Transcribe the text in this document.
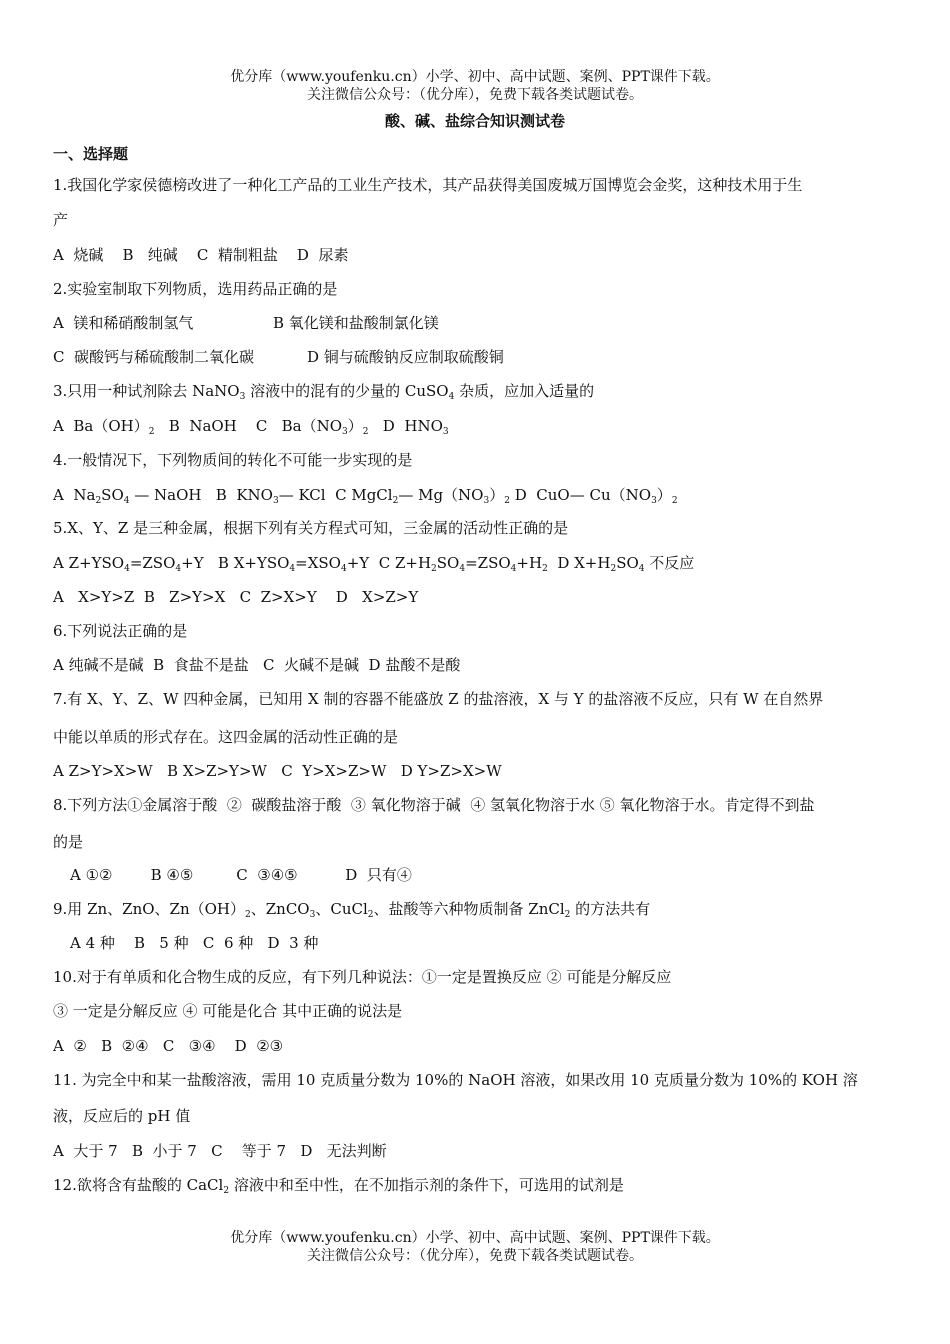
优分库（www.youfenku.cn）小学、初中、高中试题、案例、PPT课件下载。
关注微信公众号：（优分库），免费下载各类试题试卷。
酸、碱、盐综合知识测试卷
一、选择题
1.我国化学家侯德榜改进了一种化工产品的工业生产技术，其产品获得美国废城万国博览会金奖，这种技术用于生
产
A  烧碱    B   纯碱    C  精制粗盐    D  尿素
2.实验室制取下列物质，选用药品正确的是
A  镁和稀硝酸制氢气	B 氧化镁和盐酸制氯化镁
C  碳酸钙与稀硫酸制二氧化碳	D 铜与硫酸钠反应制取硫酸铜
3.只用一种试剂除去 NaNO$_3$ 溶液中的混有的少量的 CuSO$_4$ 杂质，应加入适量的
A  $Ba(OH)_2$   B  NaOH    C   $Ba(NO_3)_2$   D  $HNO_3$
4.一般情况下，下列物质间的转化不可能一步实现的是
A  $Na_2SO_4$ — NaOH   B  $KNO_3—$ KCl  C MgCl$_2$— $Mg(NO_3)_2$ D  CuO— $Cu(NO_3)_2$
5.X、Y、Z 是三种金属，根据下列有关方程式可知，三金属的活动性正确的是
A $Z+YSO_4=ZSO_4+Y$   B $X+YSO_4=XSO_4+Y$  C $Z+H_2SO_4=ZSO_4+H_2$  D $X+H_2SO_4$ 不反应
A   X>Y>Z  B   Z>Y>X   C  Z>X>Y    D   X>Z>Y
6.下列说法正确的是
A 纯碱不是碱  B  食盐不是盐   C  火碱不是碱  D 盐酸不是酸
7.有 X、Y、Z、W 四种金属，已知用 X 制的容器不能盛放 Z 的盐溶液，X 与 Y 的盐溶液不反应，只有 W 在自然界
中能以单质的形式存在。这四金属的活动性正确的是
A Z>Y>X>W   B X>Z>Y>W   C  Y>X>Z>W   D Y>Z>X>W
8.下列方法①金属溶于酸  ②  碳酸盐溶于酸  ③ 氧化物溶于碱  ④ 氢氧化物溶于水 ⑤ 氧化物溶于水。肯定得不到盐
的是
A ①②        B ④⑤         C  ③④⑤          D  只有④
9.用 Zn、ZnO、$Zn(OH)_2$、ZnCO$_3$、CuCl$_2$、盐酸等六种物质制备 ZnCl$_2$ 的方法共有
A 4 种    B   5 种   C  6 种   D  3 种
10.对于有单质和化合物生成的反应，有下列几种说法：①一定是置换反应 ② 可能是分解反应
③ 一定是分解反应 ④ 可能是化合 其中正确的说法是
A  ②   B  ②④   C   ③④    D  ②③
11. 为完全中和某一盐酸溶液，需用 10 克质量分数为 10%的 NaOH 溶液，如果改用 10 克质量分数为 10%的 KOH 溶
液，反应后的 pH 值
A  大于 7   B  小于 7   C    等于 7   D   无法判断
12.欲将含有盐酸的 CaCl$_2$ 溶液中和至中性，在不加指示剂的条件下，可选用的试剂是
优分库（www.youfenku.cn）小学、初中、高中试题、案例、PPT课件下载。
关注微信公众号：（优分库），免费下载各类试题试卷。
